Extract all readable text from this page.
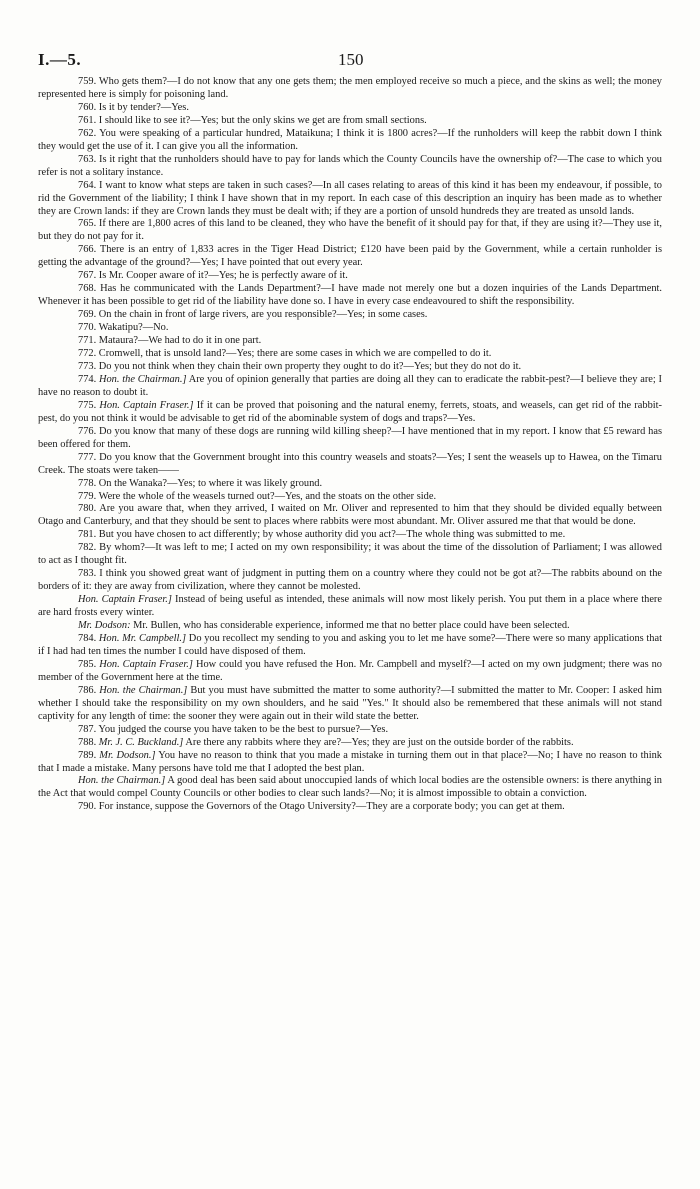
I.—5.	150

759. Who gets them?—I do not know that any one gets them; the men employed receive so much a piece, and the skins as well; the money represented here is simply for poisoning land.

760. Is it by tender?—Yes.

761. I should like to see it?—Yes; but the only skins we get are from small sections.

762. You were speaking of a particular hundred, Mataikuna; I think it is 1800 acres?—If the runholders will keep the rabbit down I think they would get the use of it. I can give you all the information.

763. Is it right that the runholders should have to pay for lands which the County Councils have the ownership of?—The case to which you refer is not a solitary instance.

764. I want to know what steps are taken in such cases?—In all cases relating to areas of this kind it has been my endeavour, if possible, to rid the Government of the liability; I think I have shown that in my report. In each case of this description an inquiry has been made as to whether they are Crown lands: if they are Crown lands they must be dealt with; if they are a portion of unsold hundreds they are treated as unsold lands.

765. If there are 1,800 acres of this land to be cleaned, they who have the benefit of it should pay for that, if they are using it?—They use it, but they do not pay for it.

766. There is an entry of 1,833 acres in the Tiger Head District; £120 have been paid by the Government, while a certain runholder is getting the advantage of the ground?—Yes; I have pointed that out every year.

767. Is Mr. Cooper aware of it?—Yes; he is perfectly aware of it.

768. Has he communicated with the Lands Department?—I have made not merely one but a dozen inquiries of the Lands Department. Whenever it has been possible to get rid of the liability have done so. I have in every case endeavoured to shift the responsibility.

769. On the chain in front of large rivers, are you responsible?—Yes; in some cases.

770. Wakatipu?—No.

771. Mataura?—We had to do it in one part.

772. Cromwell, that is unsold land?—Yes; there are some cases in which we are compelled to do it.

773. Do you not think when they chain their own property they ought to do it?—Yes; but they do not do it.

774. Hon. the Chairman.] Are you of opinion generally that parties are doing all they can to eradicate the rabbit-pest?—I believe they are; I have no reason to doubt it.

775. Hon. Captain Fraser.] If it can be proved that poisoning and the natural enemy, ferrets, stoats, and weasels, can get rid of the rabbit-pest, do you not think it would be advisable to get rid of the abominable system of dogs and traps?—Yes.

776. Do you know that many of these dogs are running wild killing sheep?—I have mentioned that in my report. I know that £5 reward has been offered for them.

777. Do you know that the Government brought into this country weasels and stoats?—Yes; I sent the weasels up to Hawea, on the Timaru Creek. The stoats were taken——

778. On the Wanaka?—Yes; to where it was likely ground.

779. Were the whole of the weasels turned out?—Yes, and the stoats on the other side.

780. Are you aware that, when they arrived, I waited on Mr. Oliver and represented to him that they should be divided equally between Otago and Canterbury, and that they should be sent to places where rabbits were most abundant. Mr. Oliver assured me that that would be done.

781. But you have chosen to act differently; by whose authority did you act?—The whole thing was submitted to me.

782. By whom?—It was left to me; I acted on my own responsibility; it was about the time of the dissolution of Parliament; I was allowed to act as I thought fit.

783. I think you showed great want of judgment in putting them on a country where they could not be got at?—The rabbits abound on the borders of it: they are away from civilization, where they cannot be molested.

Hon. Captain Fraser.] Instead of being useful as intended, these animals will now most likely perish. You put them in a place where there are hard frosts every winter.

Mr. Dodson: Mr. Bullen, who has considerable experience, informed me that no better place could have been selected.

784. Hon. Mr. Campbell.] Do you recollect my sending to you and asking you to let me have some?—There were so many applications that if I had had ten times the number I could have disposed of them.

785. Hon. Captain Fraser.] How could you have refused the Hon. Mr. Campbell and myself?—I acted on my own judgment; there was no member of the Government here at the time.

786. Hon. the Chairman.] But you must have submitted the matter to some authority?—I submitted the matter to Mr. Cooper: I asked him whether I should take the responsibility on my own shoulders, and he said "Yes." It should also be remembered that these animals will not stand captivity for any length of time: the sooner they were again out in their wild state the better.

787. You judged the course you have taken to be the best to pursue?—Yes.

788. Mr. J. C. Buckland.] Are there any rabbits where they are?—Yes; they are just on the outside border of the rabbits.

789. Mr. Dodson.] You have no reason to think that you made a mistake in turning them out in that place?—No; I have no reason to think that I made a mistake. Many persons have told me that I adopted the best plan.

Hon. the Chairman.] A good deal has been said about unoccupied lands of which local bodies are the ostensible owners: is there anything in the Act that would compel County Councils or other bodies to clear such lands?—No; it is almost impossible to obtain a conviction.

790. For instance, suppose the Governors of the Otago University?—They are a corporate body; you can get at them.
